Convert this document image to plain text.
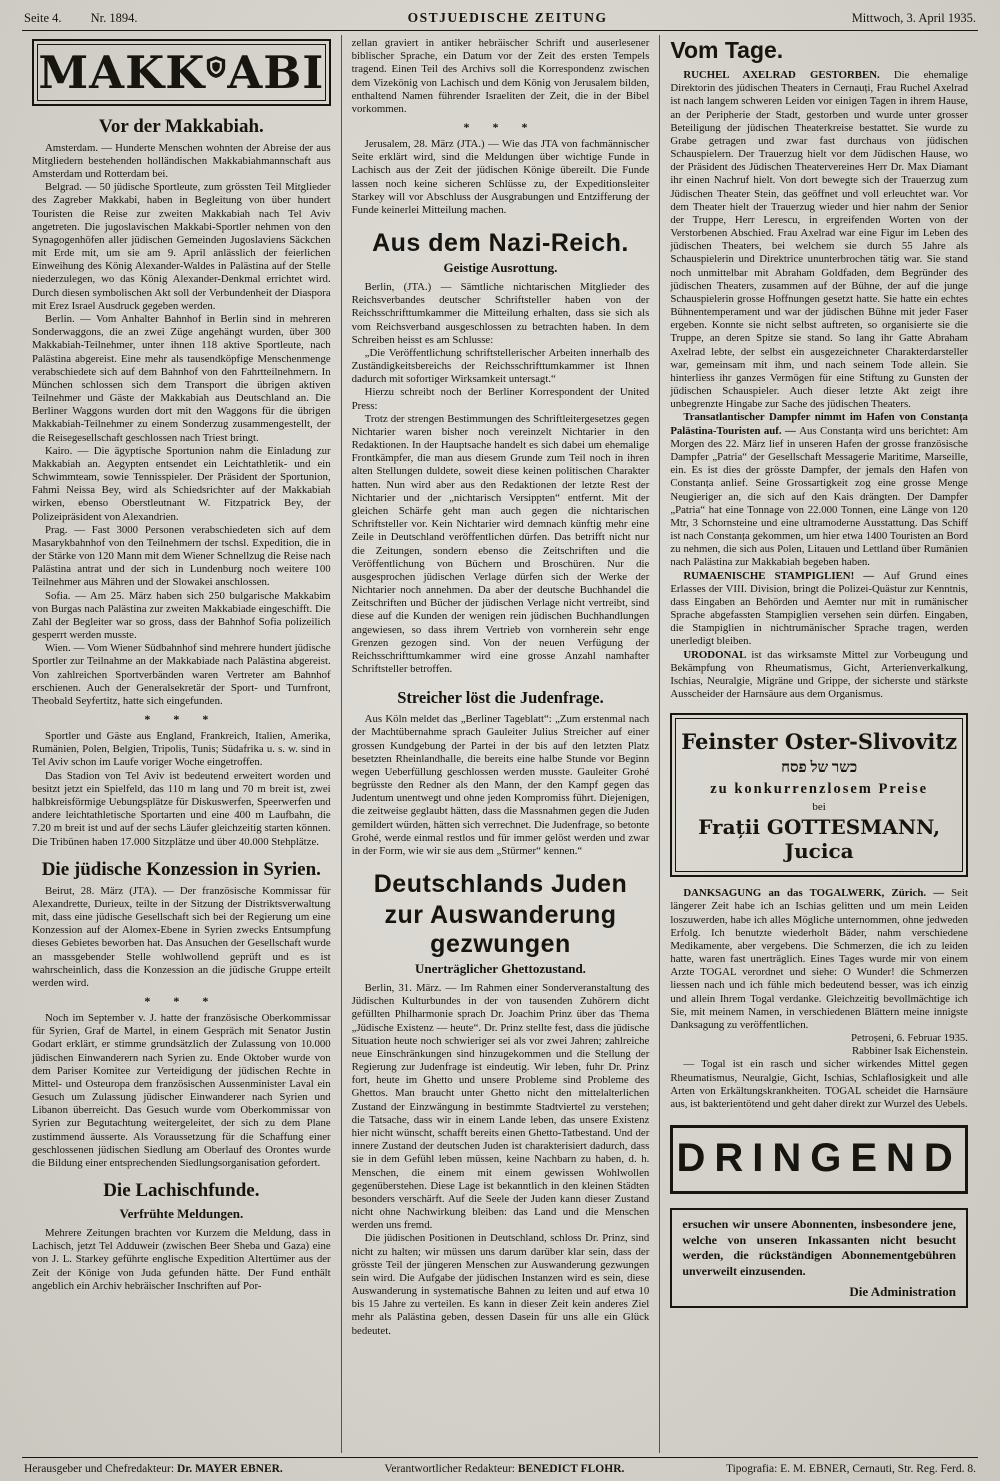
Seite 4. Nr. 1894.	OSTJUEDISCHE ZEITUNG	Mittwoch, 3. April 1935.
MAKK ABI
Vor der Makkabiah.

Amsterdam. — Hunderte Menschen wohnten der Abreise der aus Mitgliedern bestehenden holländischen Makkabiahmannschaft aus Amsterdam und Rotterdam bei.

Belgrad. — 50 jüdische Sportleute, zum grössten Teil Mitglieder des Zagreber Makkabi, haben in Begleitung von über hundert Touristen die Reise zur zweiten Makkabiah nach Tel Aviv angetreten. Die jugoslavischen Makkabi-Sportler nehmen von den Synagogenhöfen aller jüdischen Gemeinden Jugoslaviens Säckchen mit Erde mit, um sie am 9. April anlässlich der feierlichen Einweihung des König Alexander-Waldes in Palästina auf der Stelle niederzulegen, wo das König Alexander-Denkmal errichtet wird. Durch diesen symbolischen Akt soll der Verbundenheit der Diaspora mit Erez Israel Ausdruck gegeben werden.

Berlin. — Vom Anhalter Bahnhof in Berlin sind in mehreren Sonderwaggons, die an zwei Züge angehängt wurden, über 300 Makkabiah-Teilnehmer, unter ihnen 118 aktive Sportleute, nach Palästina abgereist. Eine mehr als tausendköpfige Menschenmenge verabschiedete sich auf dem Bahnhof von den Fahrtteilnehmern. In München schlossen sich dem Transport die übrigen aktiven Teilnehmer und Gäste der Makkabiah aus Deutschland an. Die Berliner Waggons wurden dort mit den Waggons für die übrigen Makkabiah-Teilnehmer zu einem Sonderzug zusammengestellt, der die Reisegesellschaft geschlossen nach Triest bringt.

Kairo. — Die ägyptische Sportunion nahm die Einladung zur Makkabiah an. Aegypten entsendet ein Leichtathletik- und ein Schwimmteam, sowie Tennisspieler. Der Präsident der Sportunion, Fahmi Neissa Bey, wird als Schiedsrichter auf der Makkabiah wirken, ebenso Oberstleutnant W. Fitzpatrick Bey, der Polizeipräsident von Alexandrien.

Prag. — Fast 3000 Personen verabschiedeten sich auf dem Masarykbahnhof von den Teilnehmern der tschsl. Expedition, die in der Stärke von 120 Mann mit dem Wiener Schnellzug die Reise nach Palästina antrat und der sich in Lundenburg noch weitere 100 Teilnehmer aus Mähren und der Slowakei anschlossen.

Sofia. — Am 25. März haben sich 250 bulgarische Makkabim von Burgas nach Palästina zur zweiten Makkabiade eingeschifft. Die Zahl der Begleiter war so gross, dass der Bahnhof Sofia polizeilich gesperrt werden musste.

Wien. — Vom Wiener Südbahnhof sind mehrere hundert jüdische Sportler zur Teilnahme an der Makkabiade nach Palästina abgereist. Von zahlreichen Sportverbänden waren Vertreter am Bahnhof erschienen. Auch der Generalsekretär der Sport- und Turnfront, Theobald Seyfertitz, hatte sich eingefunden.

* * *

Sportler und Gäste aus England, Frankreich, Italien, Amerika, Rumänien, Polen, Belgien, Tripolis, Tunis; Südafrika u. s. w. sind in Tel Aviv schon im Laufe voriger Woche eingetroffen.

Das Stadion von Tel Aviv ist bedeutend erweitert worden und besitzt jetzt ein Spielfeld, das 110 m lang und 70 m breit ist, zwei halbkreisförmige Uebungsplätze für Diskuswerfen, Speerwerfen und andere leichtathletische Sportarten und eine 400 m Laufbahn, die 7.20 m breit ist und auf der sechs Läufer gleichzeitig starten können. Die Tribünen haben 17.000 Sitzplätze und über 40.000 Stehplätze.

Die jüdische Konzession in Syrien.

Beirut, 28. März (JTA). — Der französische Kommissar für Alexandrette, Durieux, teilte in der Sitzung der Distriktsverwaltung mit, dass eine jüdische Gesellschaft sich bei der Regierung um eine Konzession auf der Alomex-Ebene in Syrien zwecks Entsumpfung dieses Gebietes beworben hat. Das Ansuchen der Gesellschaft wurde an massgebender Stelle wohlwollend geprüft und es ist wahrscheinlich, dass die Konzession an die jüdische Gruppe erteilt werden wird.

* * *

Noch im September v. J. hatte der französische Oberkommissar für Syrien, Graf de Martel, in einem Gespräch mit Senator Justin Godart erklärt, er stimme grundsätzlich der Zulassung von 10.000 jüdischen Einwanderern nach Syrien zu. Ende Oktober wurde von dem Pariser Komitee zur Verteidigung der jüdischen Rechte in Mittel- und Osteuropa dem französischen Aussenminister Laval ein Gesuch um Zulassung jüdischer Einwanderer nach Syrien und Libanon überreicht. Das Gesuch wurde vom Oberkommissar von Syrien zur Begutachtung weitergeleitet, der sich zu dem Plane zustimmend äusserte. Als Voraussetzung für die Schaffung einer geschlossenen jüdischen Siedlung am Oberlauf des Orontes wurde die Bildung einer entsprechenden Siedlungsorganisation gefordert.

Die Lachischfunde.
Verfrühte Meldungen.

Mehrere Zeitungen brachten vor Kurzem die Meldung, dass in Lachisch, jetzt Tel Adduweir (zwischen Beer Sheba und Gaza) eine von J. L. Starkey geführte englische Expedition Altertümer aus der Zeit der Könige von Juda gefunden hätte. Der Fund enthält angeblich ein Archiv hebräischer Inschriften auf Por-

zellan graviert in antiker hebräischer Schrift und auserlesener biblischer Sprache, ein Datum vor der Zeit des ersten Tempels tragend. Einen Teil des Archivs soll die Korrespondenz zwischen dem Vizekönig von Lachisch und dem König von Jerusalem bilden, enthaltend Namen führender Israeliten der Zeit, die in der Bibel vorkommen.

* * *

Jerusalem, 28. März (JTA.) — Wie das JTA von fachmännischer Seite erklärt wird, sind die Meldungen über wichtige Funde in Lachisch aus der Zeit der jüdischen Könige übereilt. Die Funde lassen noch keine sicheren Schlüsse zu, der Expeditionsleiter Starkey will vor Abschluss der Ausgrabungen und Entzifferung der Funde keinerlei Mitteilung machen.

Aus dem Nazi-Reich.
Geistige Ausrottung.

Berlin, (JTA.) — Sämtliche nichtarischen Mitglieder des Reichsverbandes deutscher Schriftsteller haben von der Reichsschrifttumkammer die Mitteilung erhalten, dass sie sich als vom Reichsverband ausgeschlossen zu betrachten haben. In dem Schreiben heisst es am Schlusse:

„Die Veröffentlichung schriftstellerischer Arbeiten innerhalb des Zuständigkeitsbereichs der Reichsschrifttumkammer ist Ihnen dadurch mit sofortiger Wirksamkeit untersagt.“

Hierzu schreibt noch der Berliner Korrespondent der United Press:

Trotz der strengen Bestimmungen des Schriftleitergesetzes gegen Nichtarier waren bisher noch vereinzelt Nichtarier in den Redaktionen. In der Hauptsache handelt es sich dabei um ehemalige Frontkämpfer, die man aus diesem Grunde zum Teil noch in ihren alten Stellungen duldete, soweit diese keinen politischen Charakter hatten. Nun wird aber aus den Redaktionen der letzte Rest der Nichtarier und der „nichtarisch Versippten“ entfernt. Mit der gleichen Schärfe geht man auch gegen die nichtarischen Schriftsteller vor. Kein Nichtarier wird demnach künftig mehr eine Zeile in Deutschland veröffentlichen dürfen. Das betrifft nicht nur die Zeitungen, sondern ebenso die Zeitschriften und die Veröffentlichung von Büchern und Broschüren. Nur die ausgesprochen jüdischen Verlage dürfen sich der Werke der Nichtarier noch annehmen. Da aber der deutsche Buchhandel die Zeitschriften und Bücher der jüdischen Verlage nicht vertreibt, sind diese auf die Kunden der wenigen rein jüdischen Buchhandlungen angewiesen, so dass ihrem Vertrieb von vornherein sehr enge Grenzen gezogen sind. Von der neuen Verfügung der Reichsschrifttumkammer wird eine grosse Anzahl namhafter Schriftsteller betroffen.

Streicher löst die Judenfrage.

Aus Köln meldet das „Berliner Tageblatt“: „Zum erstenmal nach der Machtübernahme sprach Gauleiter Julius Streicher auf einer grossen Kundgebung der Partei in der bis auf den letzten Platz besetzten Rheinlandhalle, die bereits eine halbe Stunde vor Beginn wegen Ueberfüllung geschlossen werden musste. Gauleiter Grohé begrüsste den Redner als den Mann, der den Kampf gegen das Judentum unentwegt und ohne jeden Kompromiss führt. Diejenigen, die zeitweise geglaubt hätten, dass die Massnahmen gegen die Juden gemildert würden, hätten sich verrechnet. Die Judenfrage, so betonte Grohé, werde einmal restlos und für immer gelöst werden und zwar in der Form, wie wir sie aus dem „Stürmer“ kennen.“

Deutschlands Juden
zur Auswanderung gezwungen
Unerträglicher Ghettozustand.

Berlin, 31. März. — Im Rahmen einer Sonderveranstaltung des Jüdischen Kulturbundes in der von tausenden Zuhörern dicht gefüllten Philharmonie sprach Dr. Joachim Prinz über das Thema „Jüdische Existenz — heute“. Dr. Prinz stellte fest, dass die jüdische Situation heute noch schwieriger sei als vor zwei Jahren; zahlreiche neue Einschränkungen sind hinzugekommen und die Stellung der Regierung zur Judenfrage ist eindeutig. Wir leben, fuhr Dr. Prinz fort, heute im Ghetto und unsere Probleme sind Probleme des Ghettos. Man braucht unter Ghetto nicht den mittelalterlichen Zustand der Einzwängung in bestimmte Stadtviertel zu verstehen; die Tatsache, dass wir in einem Lande leben, das unsere Existenz hier nicht wünscht, schafft bereits einen Ghetto-Tatbestand. Und der innere Zustand der deutschen Juden ist charakterisiert dadurch, dass sie in dem Gefühl leben müssen, keine Nachbarn zu haben, d. h. Menschen, die einem mit einem gewissen Wohlwollen gegenüberstehen. Diese Lage ist bekanntlich in den kleinen Städten besonders verschärft. Auf die Seele der Juden kann dieser Zustand nicht ohne Nachwirkung bleiben: das Land und die Menschen werden uns fremd.

Die jüdischen Positionen in Deutschland, schloss Dr. Prinz, sind nicht zu halten; wir müssen uns darum darüber klar sein, dass der grösste Teil der jüngeren Menschen zur Auswanderung gezwungen sein wird. Die Aufgabe der jüdischen Instanzen wird es sein, diese Auswanderung in systematische Bahnen zu leiten und auf etwa 10 bis 15 Jahre zu verteilen. Es kann in dieser Zeit kein anderes Ziel mehr als Palästina geben, dessen Dasein für uns alle ein Glück bedeutet.

Vom Tage.

RUCHEL AXELRAD GESTORBEN. Die ehemalige Direktorin des jüdischen Theaters in Cernauți, Frau Ruchel Axelrad ist nach langem schweren Leiden vor einigen Tagen in ihrem Hause, an der Peripherie der Stadt, gestorben und wurde unter grosser Beteiligung der jüdischen Theaterkreise bestattet. Sie wurde zu Grabe getragen und zwar fast durchaus von jüdischen Schauspielern. Der Trauerzug hielt vor dem Jüdischen Hause, wo der Präsident des Jüdischen Theatervereines Herr Dr. Max Diamant ihr einen Nachruf hielt. Von dort bewegte sich der Trauerzug zum Jüdischen Theater Stein, das geöffnet und voll erleuchtet war. Vor dem Theater hielt der Trauerzug wieder und hier nahm der Senior der Truppe, Herr Lerescu, in ergreifenden Worten von der Verstorbenen Abschied. Frau Axelrad war eine Figur im Leben des jüdischen Theaters, bei welchem sie durch 55 Jahre als Schauspielerin und Direktrice ununterbrochen tätig war. Sie stand noch unmittelbar mit Abraham Goldfaden, dem Begründer des jüdischen Theaters, zusammen auf der Bühne, der auf die junge Schauspielerin grosse Hoffnungen gesetzt hatte. Sie hatte ein echtes Bühnentemperament und war der jüdischen Bühne mit jeder Faser ergeben. Konnte sie nicht selbst auftreten, so organisierte sie die Truppe, an deren Spitze sie stand. So lang ihr Gatte Abraham Axelrad lebte, der selbst ein ausgezeichneter Charakterdarsteller war, gemeinsam mit ihm, und nach seinem Tode allein. Sie hinterliess ihr ganzes Vermögen für eine Stiftung zu Gunsten der jüdischen Schauspieler. Auch dieser letzte Akt zeigt ihre unbegrenzte Hingabe zur Sache des jüdischen Theaters.

Transatlantischer Dampfer nimmt im Hafen von Constanța Palästina-Touristen auf. — Aus Constanța wird uns berichtet: Am Morgen des 22. März lief in unseren Hafen der grosse französische Dampfer „Patria“ der Gesellschaft Messagerie Maritime, Marseille, ein. Es ist dies der grösste Dampfer, der jemals den Hafen von Constanța anlief. Seine Grossartigkeit zog eine grosse Menge Neugieriger an, die sich auf den Kais drängten. Der Dampfer „Patria“ hat eine Tonnage von 22.000 Tonnen, eine Länge von 120 Mtr, 3 Schornsteine und eine ultramoderne Ausstattung. Das Schiff ist nach Constanța gekommen, um hier etwa 1400 Touristen an Bord zu nehmen, die sich aus Polen, Litauen und Lettland über Rumänien nach Palästina zur Makkabiah begeben haben.

RUMAENISCHE STAMPIGLIEN! — Auf Grund eines Erlasses der VIII. Division, bringt die Polizei-Quästur zur Kenntnis, dass Eingaben an Behörden und Aemter nur mit in rumänischer Sprache abgefassten Stampiglien versehen sein dürfen. Eingaben, die Stampiglien in nichtrumänischer Sprache tragen, werden unerledigt bleiben.

URODONAL ist das wirksamste Mittel zur Vorbeugung und Bekämpfung von Rheumatismus, Gicht, Arterienverkalkung, Ischias, Neuralgie, Migräne und Grippe, der sicherste und stärkste Ausscheider der Harnsäure aus dem Organismus.

Feinster Oster-Slivovitz
כשר של פסח
zu konkurrenzlosem Preise
bei
Frații GOTTESMANN, Jucica

DANKSAGUNG an das TOGALWERK, Zürich. — Seit längerer Zeit habe ich an Ischias gelitten und um mein Leiden loszuwerden, habe ich alles Mögliche unternommen, ohne jedweden Erfolg. Ich benutzte wiederholt Bäder, nahm verschiedene Medikamente, aber vergebens. Die Schmerzen, die ich zu leiden hatte, waren fast unerträglich. Eines Tages wurde mir von einem Arzte TOGAL verordnet und siehe: O Wunder! die Schmerzen liessen nach und ich fühle mich bedeutend besser, was ich einzig und allein Ihrem Togal verdanke. Gleichzeitig bevollmächtige ich Sie, mit meinem Namen, in verschiedenen Blättern meine innigste Danksagung zu veröffentlichen.

Petroșeni, 6. Februar 1935.

Rabbiner Isak Eichenstein.

— Togal ist ein rasch und sicher wirkendes Mittel gegen Rheumatismus, Neuralgie, Gicht, Ischias, Schlaflosigkeit und alle Arten von Erkältungskrankheiten. TOGAL scheidet die Harnsäure aus, ist bakterientötend und geht daher direkt zur Wurzel des Uebels.

DRINGEND

ersuchen wir unsere Abonnenten, insbesondere jene, welche von unseren Inkassanten nicht besucht werden, die rückständigen Abonnementgebühren unverweilt einzusenden.

Die Administration
Herausgeber und Chefredakteur: Dr. MAYER EBNER.	Verantwortlicher Redakteur: BENEDICT FLOHR.	Tipografia: E. M. EBNER, Cernauti, Str. Reg. Ferd. 8.
